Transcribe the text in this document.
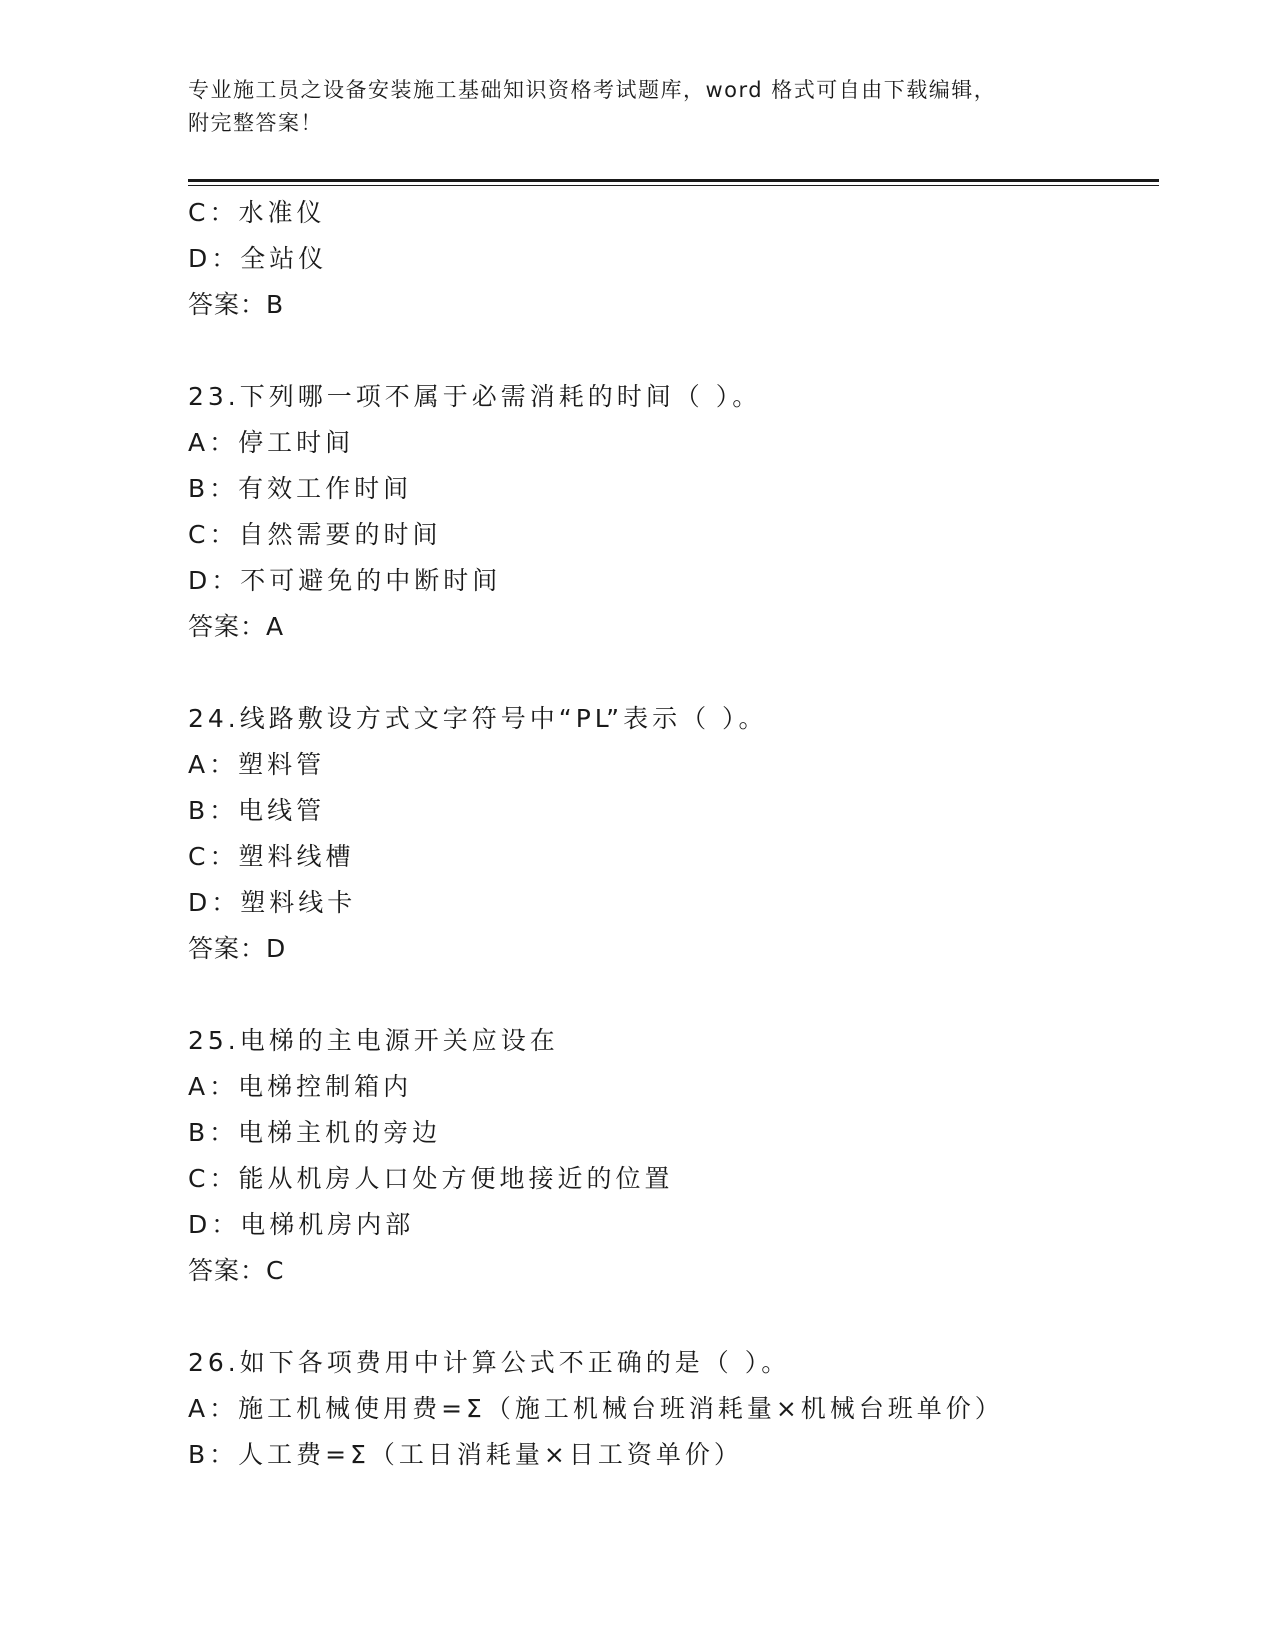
专业施工员之设备安装施工基础知识资格考试题库，word 格式可自由下载编辑，
附完整答案！
C：水准仪
D：全站仪
答案：B
23.下列哪一项不属于必需消耗的时间（ ）。
A：停工时间
B：有效工作时间
C：自然需要的时间
D：不可避免的中断时间
答案：A
24.线路敷设方式文字符号中“PL”表示（ ）。
A：塑料管
B：电线管
C：塑料线槽
D：塑料线卡
答案：D
25.电梯的主电源开关应设在
A：电梯控制箱内
B：电梯主机的旁边
C：能从机房人口处方便地接近的位置
D：电梯机房内部
答案：C
26.如下各项费用中计算公式不正确的是（ ）。
A：施工机械使用费=Σ（施工机械台班消耗量×机械台班单价）
B：人工费=Σ（工日消耗量×日工资单价）
